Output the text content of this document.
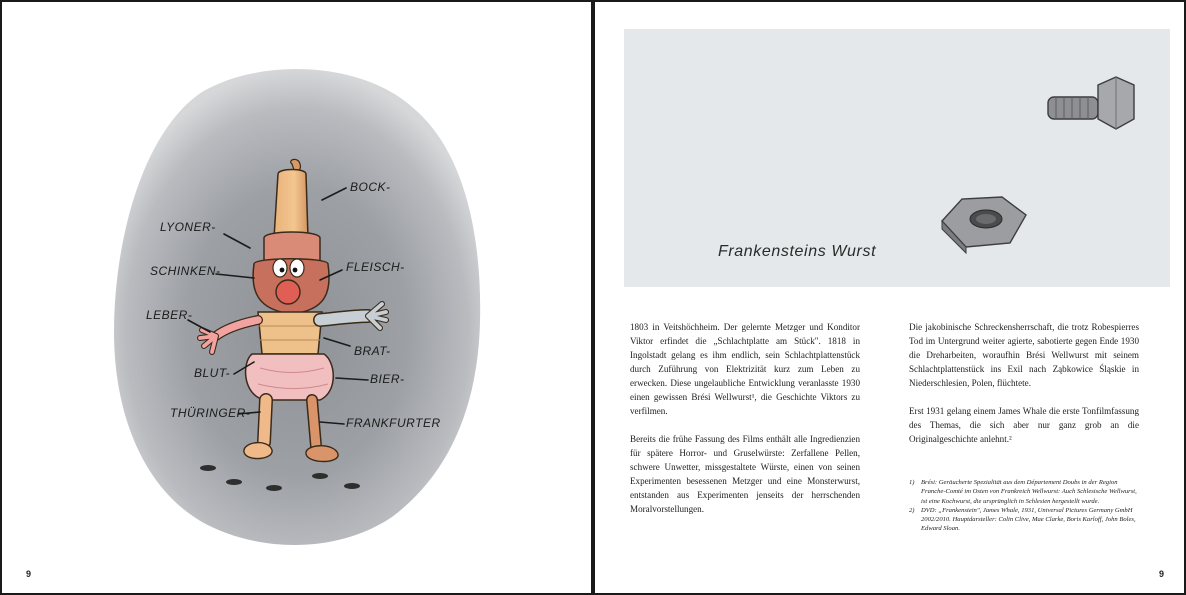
BOCK-
LYONER-
SCHINKEN-	FLEISCH-
LEBER-
BRAT-
BLUT-	BIER-
THÜRINGER-
FRANKFURTER
9
Frankensteins Wurst

1803 in Veitshöchheim. Der gelernte Metzger und Konditor Viktor erfindet die „Schlachtplatte am Stück". 1818 in Ingolstadt gelang es ihm endlich, sein Schlachtplattenstück durch Zuführung von Elektrizität kurz zum Leben zu erwecken. Diese ungelaubliche Entwicklung veranlasste 1930 einen gewissen Brési Wellwurst¹, die Geschichte Viktors zu verfilmen.

Bereits die frühe Fassung des Films enthält alle Ingredienzien für spätere Horror- und Gruselwürste: Zerfallene Pellen, schwere Unwetter, missgestaltete Würste, einen von seinen Experimenten besessenen Metzger und eine Monsterwurst, entstanden aus Experimenten jenseits der herrschenden Moralvorstellungen.

Die jakobinische Schreckensherrschaft, die trotz Robespierres Tod im Untergrund weiter agierte, sabotierte gegen Ende 1930 die Dreharbeiten, woraufhin Brési Wellwurst mit seinem Schlachtplattenstück ins Exil nach Ząbkowice Śląskie in Niederschlesien, Polen, flüchtete.

Erst 1931 gelang einem James Whale die erste Tonfilmfassung des Themas, die sich aber nur ganz grob an die Originalgeschichte anlehnt.²

1) Brési: Geräucherte Spezialität aus dem Département Doubs in der Region Franche-Comté im Osten von Frankreich Wellwurst: Auch Schlesische Wellwurst, ist eine Kochwurst, die ursprünglich in Schlesien hergestellt wurde.
2) DVD: „Frankenstein", James Whale, 1931, Universal Pictures Germany GmbH 2002/2010. Hauptdarsteller: Colin Clive, Mae Clarke, Boris Karloff, John Boles, Edward Sloan.
9
